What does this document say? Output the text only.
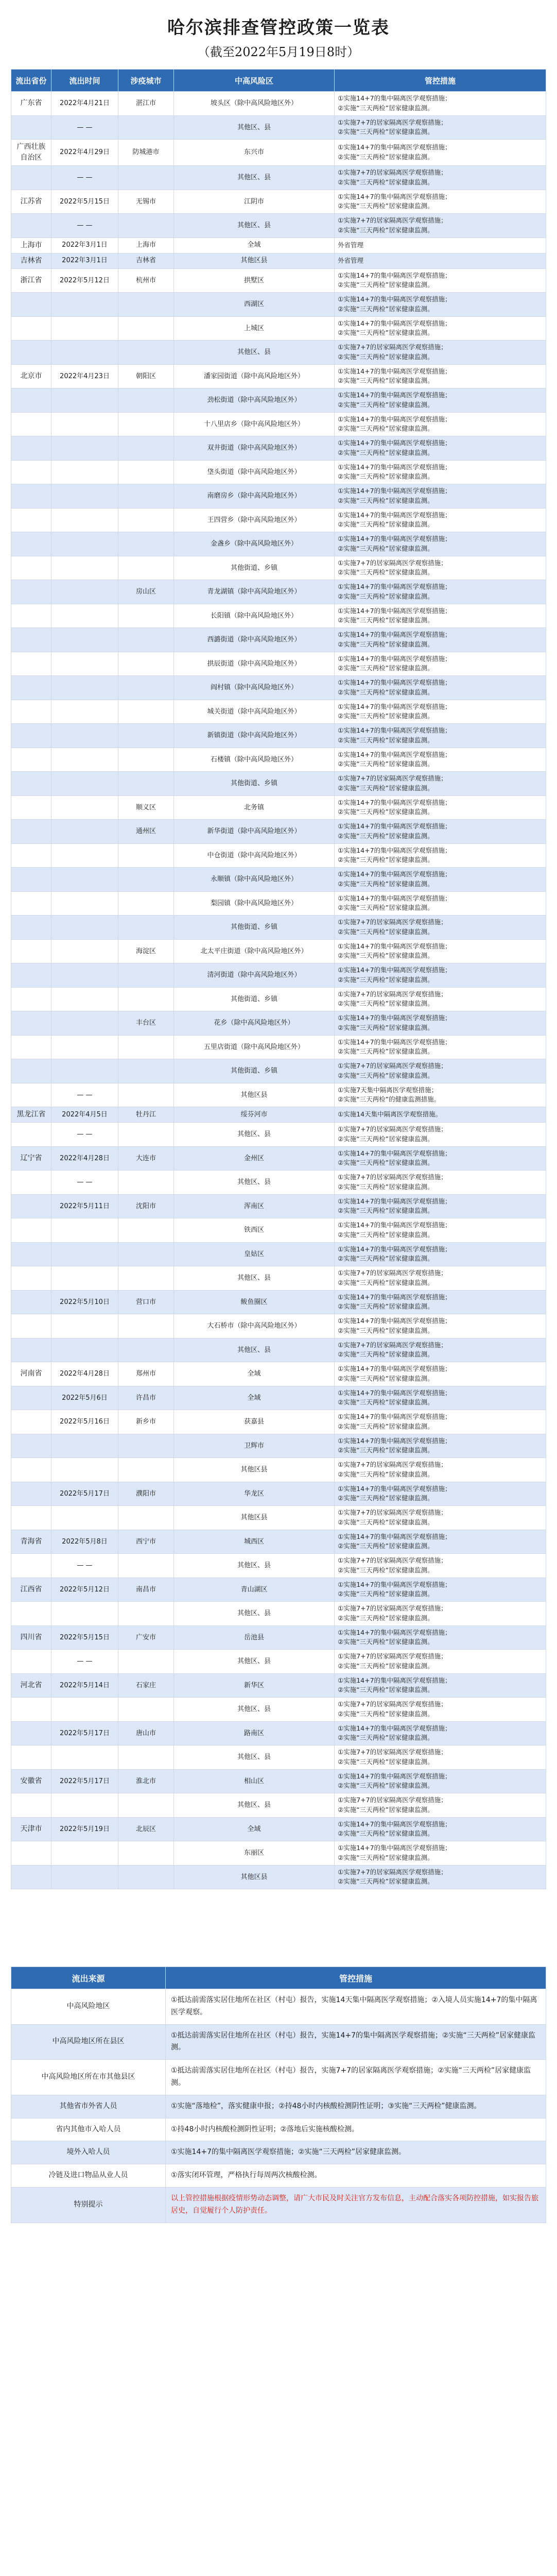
哈尔滨排查管控政策一览表
（截至2022年5月19日8时）
流出省份	流出时间	涉疫城市	中高风险区	管控措施
广东省	2022年4月21日	湛江市	坡头区（除中高风险地区外）	①实施14+7的集中隔离医学观察措施；
②实施“三天两检”居家健康监测。
	— —		其他区、县	①实施7+7的居家隔离医学观察措施；
②实施“三天两检”居家健康监测。
广西壮族自治区	2022年4月29日	防城港市	东兴市	①实施14+7的集中隔离医学观察措施；
②实施“三天两检”居家健康监测。
	— —		其他区、县	①实施7+7的居家隔离医学观察措施；
②实施“三天两检”居家健康监测。
江苏省	2022年5月15日	无锡市	江阴市	①实施14+7的集中隔离医学观察措施；
②实施“三天两检”居家健康监测。
	— —		其他区、县	①实施7+7的居家隔离医学观察措施；
②实施“三天两检”居家健康监测。
上海市	2022年3月1日	上海市	全域	外省管理
吉林省	2022年3月1日	吉林省	其他区县	外省管理
浙江省	2022年5月12日	杭州市	拱墅区	①实施14+7的集中隔离医学观察措施；
②实施“三天两检”居家健康监测。
			西湖区	①实施14+7的集中隔离医学观察措施；
②实施“三天两检”居家健康监测。
			上城区	①实施14+7的集中隔离医学观察措施；
②实施“三天两检”居家健康监测。
			其他区、县	①实施7+7的居家隔离医学观察措施；
②实施“三天两检”居家健康监测。
北京市	2022年4月23日	朝阳区	潘家园街道（除中高风险地区外）	①实施14+7的集中隔离医学观察措施；
②实施“三天两检”居家健康监测。
			劲松街道（除中高风险地区外）	①实施14+7的集中隔离医学观察措施；
②实施“三天两检”居家健康监测。
			十八里店乡（除中高风险地区外）	①实施14+7的集中隔离医学观察措施；
②实施“三天两检”居家健康监测。
			双井街道（除中高风险地区外）	①实施14+7的集中隔离医学观察措施；
②实施“三天两检”居家健康监测。
			垡头街道（除中高风险地区外）	①实施14+7的集中隔离医学观察措施；
②实施“三天两检”居家健康监测。
			南磨房乡（除中高风险地区外）	①实施14+7的集中隔离医学观察措施；
②实施“三天两检”居家健康监测。
			王四营乡（除中高风险地区外）	①实施14+7的集中隔离医学观察措施；
②实施“三天两检”居家健康监测。
			金盏乡（除中高风险地区外）	①实施14+7的集中隔离医学观察措施；
②实施“三天两检”居家健康监测。
			其他街道、乡镇	①实施7+7的居家隔离医学观察措施；
②实施“三天两检”居家健康监测。
		房山区	青龙湖镇（除中高风险地区外）	①实施14+7的集中隔离医学观察措施；
②实施“三天两检”居家健康监测。
			长阳镇（除中高风险地区外）	①实施14+7的集中隔离医学观察措施；
②实施“三天两检”居家健康监测。
			西潞街道（除中高风险地区外）	①实施14+7的集中隔离医学观察措施；
②实施“三天两检”居家健康监测。
			拱辰街道（除中高风险地区外）	①实施14+7的集中隔离医学观察措施；
②实施“三天两检”居家健康监测。
			阎村镇（除中高风险地区外）	①实施14+7的集中隔离医学观察措施；
②实施“三天两检”居家健康监测。
			城关街道（除中高风险地区外）	①实施14+7的集中隔离医学观察措施；
②实施“三天两检”居家健康监测。
			新镇街道（除中高风险地区外）	①实施14+7的集中隔离医学观察措施；
②实施“三天两检”居家健康监测。
			石楼镇（除中高风险地区外）	①实施14+7的集中隔离医学观察措施；
②实施“三天两检”居家健康监测。
			其他街道、乡镇	①实施7+7的居家隔离医学观察措施；
②实施“三天两检”居家健康监测。
		顺义区	北务镇	①实施14+7的集中隔离医学观察措施；
②实施“三天两检”居家健康监测。
		通州区	新华街道（除中高风险地区外）	①实施14+7的集中隔离医学观察措施；
②实施“三天两检”居家健康监测。
			中仓街道（除中高风险地区外）	①实施14+7的集中隔离医学观察措施；
②实施“三天两检”居家健康监测。
			永顺镇（除中高风险地区外）	①实施14+7的集中隔离医学观察措施；
②实施“三天两检”居家健康监测。
			梨园镇（除中高风险地区外）	①实施14+7的集中隔离医学观察措施；
②实施“三天两检”居家健康监测。
			其他街道、乡镇	①实施7+7的居家隔离医学观察措施；
②实施“三天两检”居家健康监测。
		海淀区	北太平庄街道（除中高风险地区外）	①实施14+7的集中隔离医学观察措施；
②实施“三天两检”居家健康监测。
			清河街道（除中高风险地区外）	①实施14+7的集中隔离医学观察措施；
②实施“三天两检”居家健康监测。
			其他街道、乡镇	①实施7+7的居家隔离医学观察措施；
②实施“三天两检”居家健康监测。
		丰台区	花乡（除中高风险地区外）	①实施14+7的集中隔离医学观察措施；
②实施“三天两检”居家健康监测。
			五里店街道（除中高风险地区外）	①实施14+7的集中隔离医学观察措施；
②实施“三天两检”居家健康监测。
			其他街道、乡镇	①实施7+7的居家隔离医学观察措施；
②实施“三天两检”居家健康监测。
	— —		其他区县	①实施7天集中隔离医学观察措施；
②实施“三天两检”的健康监测措施。
黑龙江省	2022年4月5日	牡丹江	绥芬河市	①实施14天集中隔离医学观察措施。
	— —		其他区、县	①实施7+7的居家隔离医学观察措施；
②实施“三天两检”居家健康监测。
辽宁省	2022年4月28日	大连市	金州区	①实施14+7的集中隔离医学观察措施；
②实施“三天两检”居家健康监测。
	— —		其他区、县	①实施7+7的居家隔离医学观察措施；
②实施“三天两检”居家健康监测。
	2022年5月11日	沈阳市	浑南区	①实施14+7的集中隔离医学观察措施；
②实施“三天两检”居家健康监测。
			铁西区	①实施14+7的集中隔离医学观察措施；
②实施“三天两检”居家健康监测。
			皇姑区	①实施14+7的集中隔离医学观察措施；
②实施“三天两检”居家健康监测。
			其他区、县	①实施7+7的居家隔离医学观察措施；
②实施“三天两检”居家健康监测。
	2022年5月10日	营口市	鲅鱼圈区	①实施14+7的集中隔离医学观察措施；
②实施“三天两检”居家健康监测。
			大石桥市（除中高风险地区外）	①实施14+7的集中隔离医学观察措施；
②实施“三天两检”居家健康监测。
			其他区、县	①实施7+7的居家隔离医学观察措施；
②实施“三天两检”居家健康监测。
河南省	2022年4月28日	郑州市	全域	①实施14+7的集中隔离医学观察措施；
②实施“三天两检”居家健康监测。
	2022年5月6日	许昌市	全域	①实施14+7的集中隔离医学观察措施；
②实施“三天两检”居家健康监测。
	2022年5月16日	新乡市	获嘉县	①实施14+7的集中隔离医学观察措施；
②实施“三天两检”居家健康监测。
			卫辉市	①实施14+7的集中隔离医学观察措施；
②实施“三天两检”居家健康监测。
			其他区县	①实施7+7的居家隔离医学观察措施；
②实施“三天两检”居家健康监测。
	2022年5月17日	濮阳市	华龙区	①实施14+7的集中隔离医学观察措施；
②实施“三天两检”居家健康监测。
			其他区县	①实施7+7的居家隔离医学观察措施；
②实施“三天两检”居家健康监测。
青海省	2022年5月8日	西宁市	城西区	①实施14+7的集中隔离医学观察措施；
②实施“三天两检”居家健康监测。
	— —		其他区、县	①实施7+7的居家隔离医学观察措施；
②实施“三天两检”居家健康监测。
江西省	2022年5月12日	南昌市	青山湖区	①实施14+7的集中隔离医学观察措施；
②实施“三天两检”居家健康监测。
			其他区、县	①实施7+7的居家隔离医学观察措施；
②实施“三天两检”居家健康监测。
四川省	2022年5月15日	广安市	岳池县	①实施14+7的集中隔离医学观察措施；
②实施“三天两检”居家健康监测。
	— —		其他区、县	①实施7+7的居家隔离医学观察措施；
②实施“三天两检”居家健康监测。
河北省	2022年5月14日	石家庄	新华区	①实施14+7的集中隔离医学观察措施；
②实施“三天两检”居家健康监测。
			其他区、县	①实施7+7的居家隔离医学观察措施；
②实施“三天两检”居家健康监测。
	2022年5月17日	唐山市	路南区	①实施14+7的集中隔离医学观察措施；
②实施“三天两检”居家健康监测。
			其他区、县	①实施7+7的居家隔离医学观察措施；
②实施“三天两检”居家健康监测。
安徽省	2022年5月17日	淮北市	相山区	①实施14+7的集中隔离医学观察措施；
②实施“三天两检”居家健康监测。
			其他区、县	①实施7+7的居家隔离医学观察措施；
②实施“三天两检”居家健康监测。
天津市	2022年5月19日	北辰区	全域	①实施14+7的集中隔离医学观察措施；
②实施“三天两检”居家健康监测。
			东丽区	①实施14+7的集中隔离医学观察措施；
②实施“三天两检”居家健康监测。
			其他区县	①实施7+7的居家隔离医学观察措施；
②实施“三天两检”居家健康监测。
流出来源	管控措施
中高风险地区	①抵达前需落实居住地所在社区（村屯）报告，实施14天集中隔离医学观察措施；②入境人员实施14+7的集中隔离医学观察。
中高风险地区所在县区	①抵达前需落实居住地所在社区（村屯）报告，实施14+7的集中隔离医学观察措施；②实施“三天两检”居家健康监测。
中高风险地区所在市其他县区	①抵达前需落实居住地所在社区（村屯）报告，实施7+7的居家隔离医学观察措施；②实施“三天两检”居家健康监测。
其他省市外省人员	①实施“落地检”，落实健康申报；②持48小时内核酸检测阴性证明；③实施“三天两检”健康监测。
省内其他市入哈人员	①持48小时内核酸检测阴性证明；②落地后实施核酸检测。
境外入哈人员	①实施14+7的集中隔离医学观察措施；②实施“三天两检”居家健康监测。
冷链及进口物品从业人员	①落实闭环管理，严格执行每周两次核酸检测。
特别提示	以上管控措施根据疫情形势动态调整，请广大市民及时关注官方发布信息，主动配合落实各项防控措施，如实报告旅居史，自觉履行个人防护责任。
